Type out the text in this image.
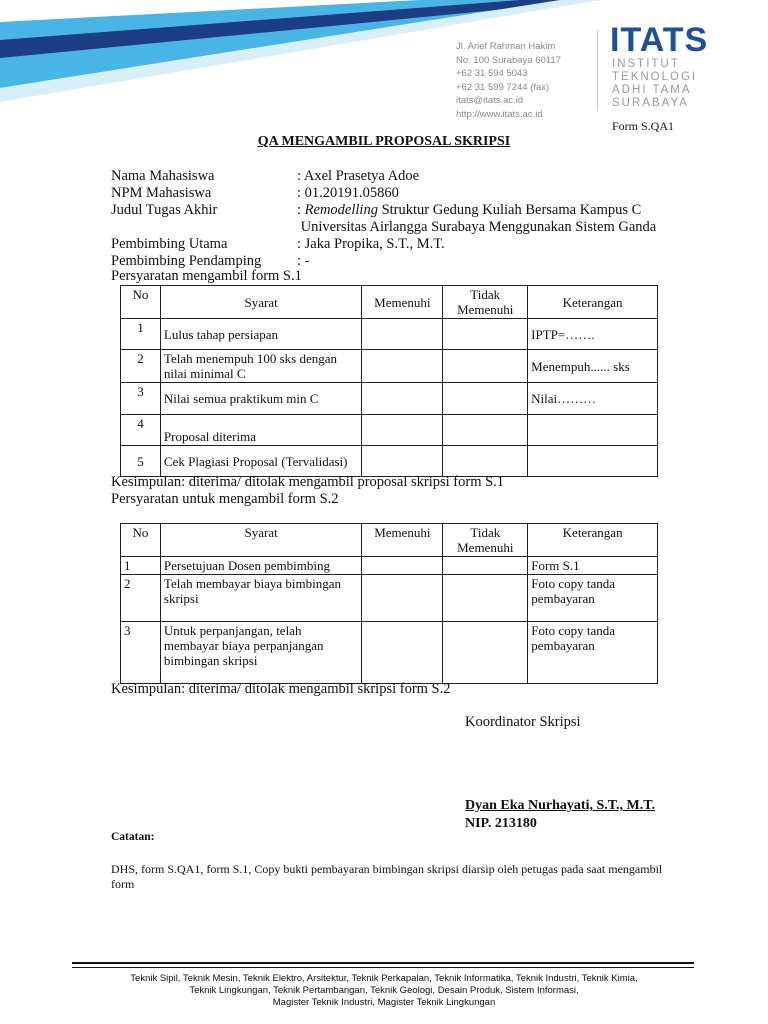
Jl. Arief Rahman Hakim
No. 100 Surabaya 60117
+62 31 594 5043
+62 31 599 7244 (fax)
itats@itats.ac.id
http://www.itats.ac.id
ITATS
INSTITUT
TEKNOLOGI
ADHI TAMA
SURABAYA
Form S.QA1
QA MENGAMBIL PROPOSAL SKRIPSI
Nama Mahasiswa	: Axel Prasetya Adoe
NPM Mahasiswa	: 01.20191.05860
Judul Tugas Akhir	: Remodelling Struktur Gedung Kuliah Bersama Kampus C
Universitas Airlangga Surabaya Menggunakan Sistem Ganda
Pembimbing Utama	: Jaka Propika, S.T., M.T.
Pembimbing Pendamping : -
Persyaratan mengambil form S.1
No	Syarat	Memenuhi	Tidak Memenuhi	Keterangan
1	Lulus tahap persiapan			IPTP=…….
2	Telah menempuh 100 sks dengan nilai minimal C			Menempuh...... sks
3	Nilai semua praktikum min C			Nilai………
4	Proposal diterima			
5	Cek Plagiasi Proposal (Tervalidasi)			
Kesimpulan: diterima/ ditolak mengambil proposal skripsi form S.1
Persyaratan untuk mengambil form S.2
No	Syarat	Memenuhi	Tidak Memenuhi	Keterangan
1	Persetujuan Dosen pembimbing			Form S.1
2	Telah membayar biaya bimbingan skripsi			Foto copy tanda pembayaran
3	Untuk perpanjangan, telah membayar biaya perpanjangan bimbingan skripsi			Foto copy tanda pembayaran
Kesimpulan: diterima/ ditolak mengambil skripsi form S.2
Koordinator Skripsi
Dyan Eka Nurhayati, S.T., M.T.
NIP. 213180
Catatan:
DHS, form S.QA1, form S.1, Copy bukti pembayaran bimbingan skripsi diarsip oleh petugas pada saat mengambil form
Teknik Sipil, Teknik Mesin, Teknik Elektro, Arsitektur, Teknik Perkapalan, Teknik Informatika, Teknik Industri, Teknik Kimia,
Teknik Lingkungan, Teknik Pertambangan, Teknik Geologi, Desain Produk, Sistem Informasi,
Magister Teknik Industri, Magister Teknik Lingkungan
